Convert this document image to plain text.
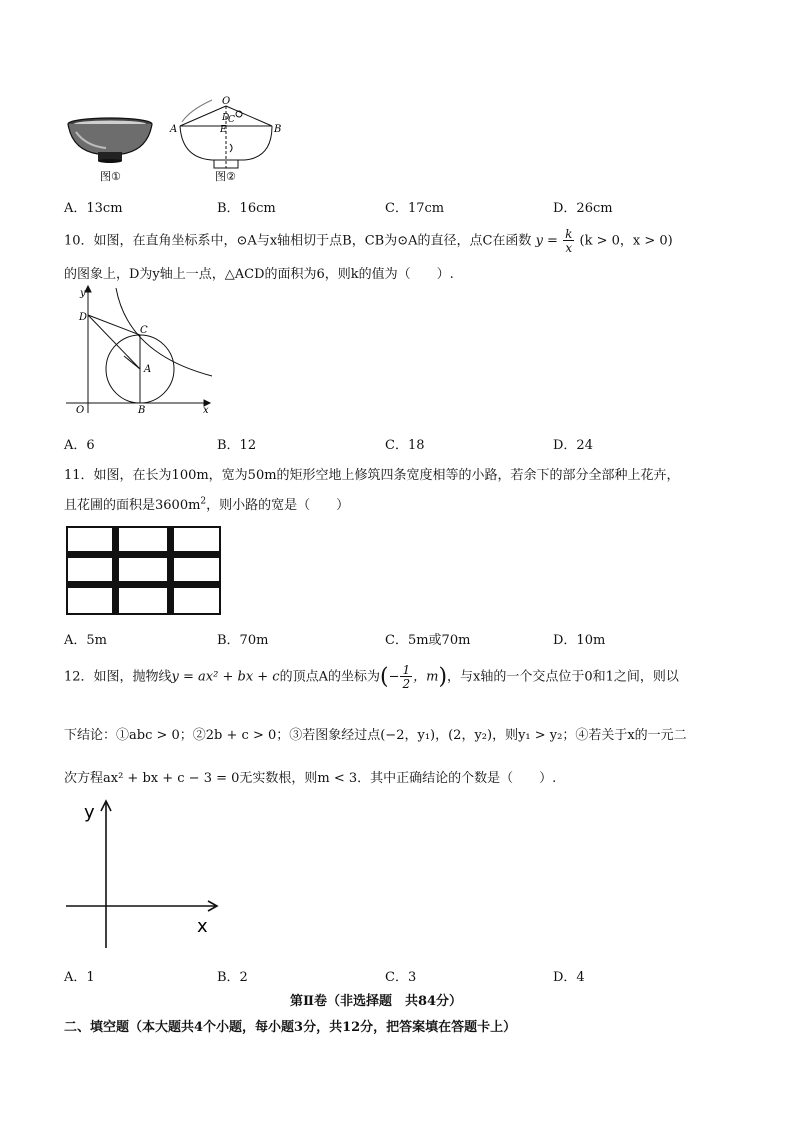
图①
O
A	B
D
E
C
图②
A．13cm	B．16cm	C．17cm	D．26cm
10．如图，在直角坐标系中，⊙A与x轴相切于点B，CB为⊙A的直径，点C在函数 $y = \frac{k}{x} (k > 0$，x > 0)
的图象上，D为y轴上一点，△ACD的面积为6，则k的值为（　　）.
y
x
O	B
A
C
D
A．6	B．12	C．18	D．24
11．如图，在长为100m，宽为50m的矩形空地上修筑四条宽度相等的小路，若余下的部分全部种上花卉，
且花圃的面积是$3600m^2$，则小路的宽是（　　）
A．5m	B．70m	C．5m或70m	D．10m
12．如图，抛物线y = ax² + bx + c的顶点A的坐标为(− $\frac{1}{2}$ ，m)，与x轴的一个交点位于0和1之间，则以
下结论：①abc > 0；②2b + c > 0；③若图象经过点(−2，y₁)，(2，y₂)，则y₁ > y₂；④若关于x的一元二
次方程ax² + bx + c − 3 = 0无实数根，则m < 3．其中正确结论的个数是（　　）.
y
x
A．1	B．2	C．3	D．4
第Ⅱ卷（非选择题　共84分）
二、填空题（本大题共4个小题，每小题3分，共12分，把答案填在答题卡上）
